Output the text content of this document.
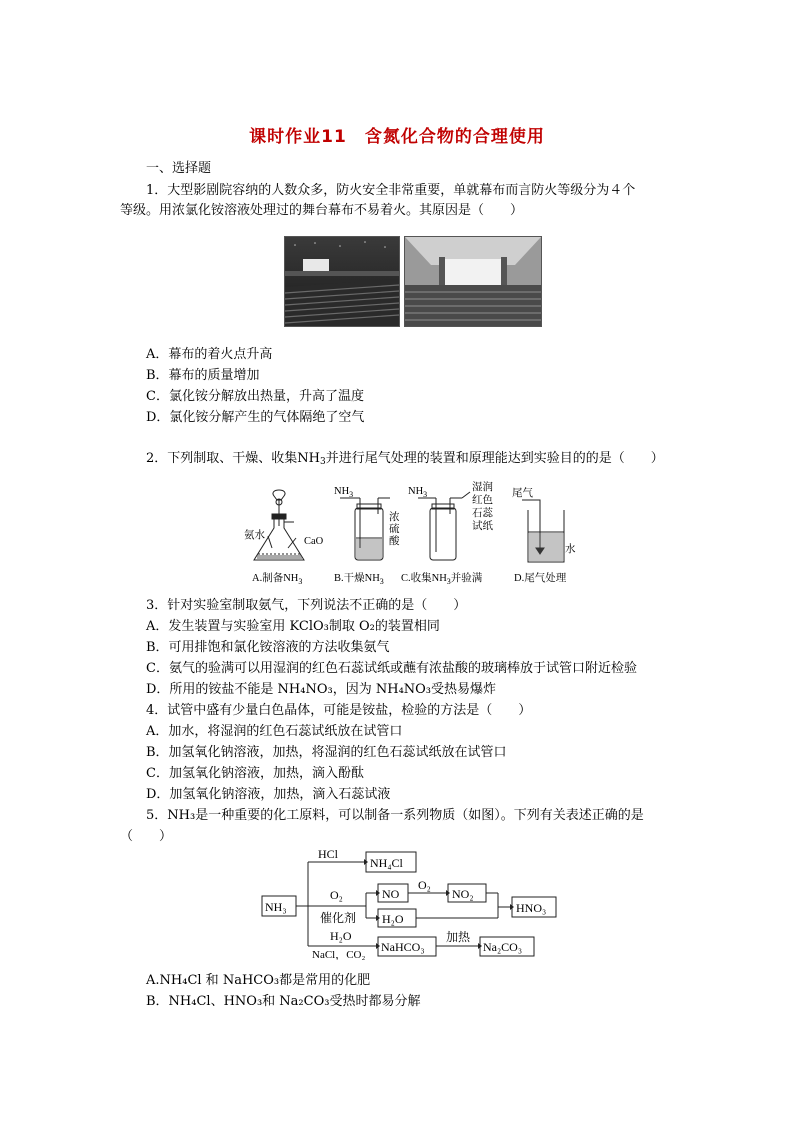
课时作业11　含氮化合物的合理使用
一、选择题
1．大型影剧院容纳的人数众多，防火安全非常重要，单就幕布而言防火等级分为４个
等级。用浓氯化铵溶液处理过的舞台幕布不易着火。其原因是（　　）
A．幕布的着火点升高
B．幕布的质量增加
C．氯化铵分解放出热量，升高了温度
D．氯化铵分解产生的气体隔绝了空气
2．下列制取、干燥、收集$NH_3$并进行尾气处理的装置和原理能达到实验目的的是（　　）
氨水
CaO
A.制备$NH_3$
$NH_3$
浓
硫
酸
B.干燥$NH_3$
$NH_3$
湿润
红色
石蕊
试纸
C.收集$NH_3$并验满
尾气
水
D.尾气处理
3．针对实验室制取氨气，下列说法不正确的是（　　）
A．发生装置与实验室用 KClO₃制取 O₂的装置相同
B．可用排饱和氯化铵溶液的方法收集氨气
C．氨气的验满可以用湿润的红色石蕊试纸或蘸有浓盐酸的玻璃棒放于试管口附近检验
D．所用的铵盐不能是 NH₄NO₃，因为 NH₄NO₃受热易爆炸
4．试管中盛有少量白色晶体，可能是铵盐，检验的方法是（　　）
A．加水，将湿润的红色石蕊试纸放在试管口
B．加氢氧化钠溶液，加热，将湿润的红色石蕊试纸放在试管口
C．加氢氧化钠溶液，加热，滴入酚酞
D．加氢氧化钠溶液，加热，滴入石蕊试液
5．NH₃是一种重要的化工原料，可以制备一系列物质（如图）。下列有关表述正确的是
（　　）
NH₃
HCl
NH₄Cl
O₂
催化剂
NO
O₂
NO₂
H₂O
HNO₃
H₂O
NaCl，CO₂
NaHCO₃
加热
Na₂CO₃
A.NH₄Cl 和 NaHCO₃都是常用的化肥
B．NH₄Cl、HNO₃和 Na₂CO₃受热时都易分解
